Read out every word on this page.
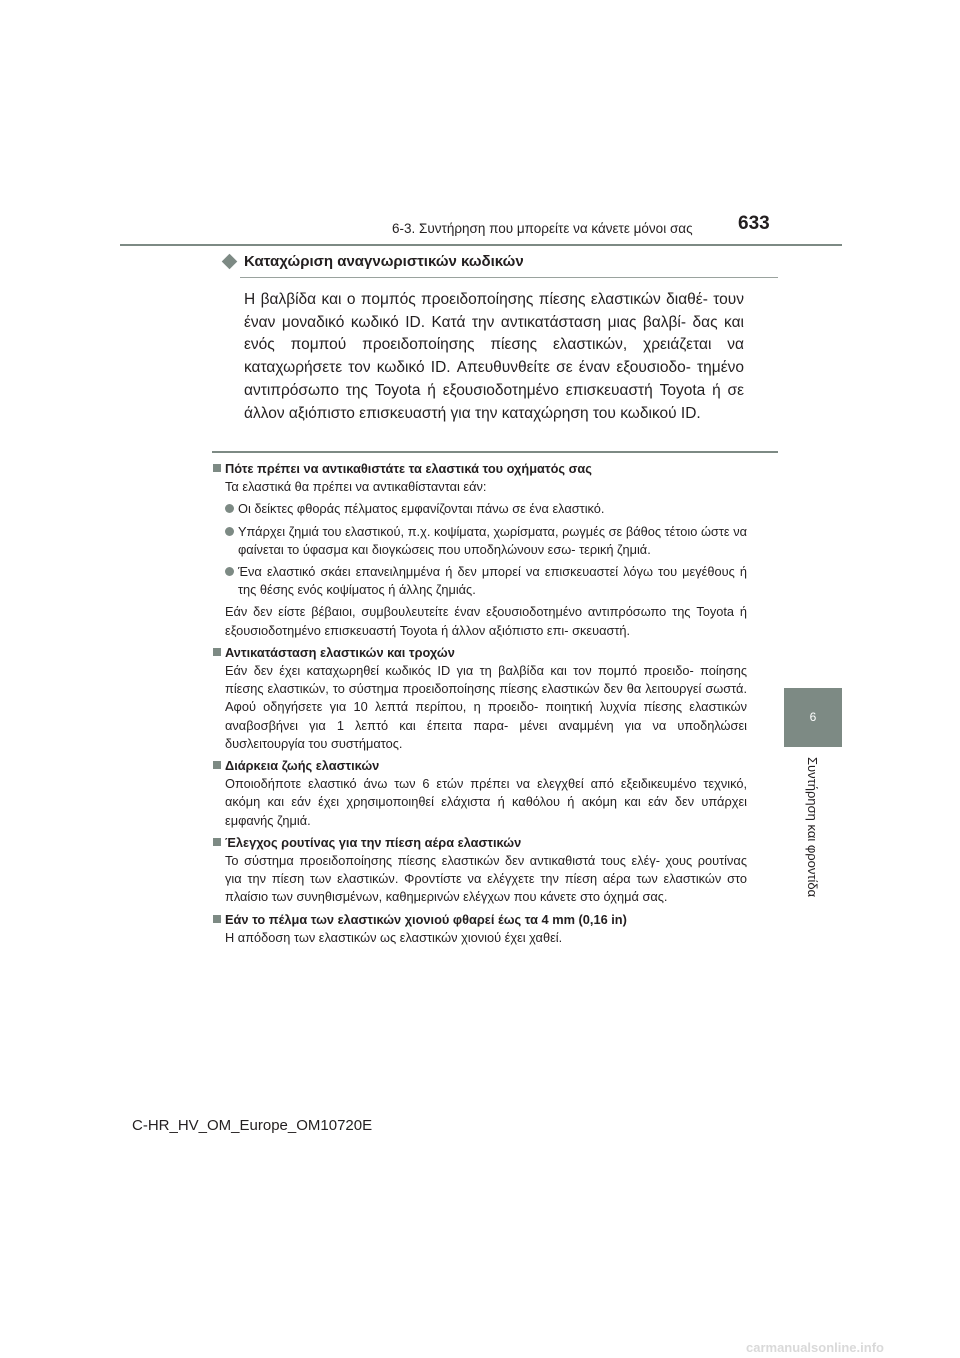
6-3. Συντήρηση που μπορείτε να κάνετε μόνοι σας 633
6
Συντήρηση και φροντίδα
Καταχώριση αναγνωριστικών κωδικών
Η βαλβίδα και ο πομπός προειδοποίησης πίεσης ελαστικών διαθέ- τουν έναν μοναδικό κωδικό ID. Κατά την αντικατάσταση μιας βαλβί- δας και ενός πομπού προειδοποίησης πίεσης ελαστικών, χρειάζεται να καταχωρήσετε τον κωδικό ID. Απευθυνθείτε σε έναν εξουσιοδο- τημένο αντιπρόσωπο της Toyota ή εξουσιοδοτημένο επισκευαστή Toyota ή σε άλλον αξιόπιστο επισκευαστή για την καταχώρηση του κωδικού ID.
Πότε πρέπει να αντικαθιστάτε τα ελαστικά του οχήματός σας
Τα ελαστικά θα πρέπει να αντικαθίστανται εάν:
Οι δείκτες φθοράς πέλματος εμφανίζονται πάνω σε ένα ελαστικό.
Υπάρχει ζημιά του ελαστικού, π.χ. κοψίματα, χωρίσματα, ρωγμές σε βάθος τέτοιο ώστε να φαίνεται το ύφασμα και διογκώσεις που υποδηλώνουν εσω- τερική ζημιά.
Ένα ελαστικό σκάει επανειλημμένα ή δεν μπορεί να επισκευαστεί λόγω του μεγέθους ή της θέσης ενός κοψίματος ή άλλης ζημιάς.
Εάν δεν είστε βέβαιοι, συμβουλευτείτε έναν εξουσιοδοτημένο αντιπρόσωπο της Toyota ή εξουσιοδοτημένο επισκευαστή Toyota ή άλλον αξιόπιστο επι- σκευαστή.
Αντικατάσταση ελαστικών και τροχών
Εάν δεν έχει καταχωρηθεί κωδικός ID για τη βαλβίδα και τον πομπό προειδο- ποίησης πίεσης ελαστικών, το σύστημα προειδοποίησης πίεσης ελαστικών δεν θα λειτουργεί σωστά. Αφού οδηγήσετε για 10 λεπτά περίπου, η προειδο- ποιητική λυχνία πίεσης ελαστικών αναβοσβήνει για 1 λεπτό και έπειτα παρα- μένει αναμμένη για να υποδηλώσει δυσλειτουργία του συστήματος.
Διάρκεια ζωής ελαστικών
Οποιοδήποτε ελαστικό άνω των 6 ετών πρέπει να ελεγχθεί από εξειδικευμένο τεχνικό, ακόμη και εάν έχει χρησιμοποιηθεί ελάχιστα ή καθόλου ή ακόμη και εάν δεν υπάρχει εμφανής ζημιά.
Έλεγχος ρουτίνας για την πίεση αέρα ελαστικών
Το σύστημα προειδοποίησης πίεσης ελαστικών δεν αντικαθιστά τους ελέγ- χους ρουτίνας για την πίεση των ελαστικών. Φροντίστε να ελέγχετε την πίεση αέρα των ελαστικών στο πλαίσιο των συνηθισμένων, καθημερινών ελέγχων που κάνετε στο όχημά σας.
Εάν το πέλμα των ελαστικών χιονιού φθαρεί έως τα 4 mm (0,16 in)
Η απόδοση των ελαστικών ως ελαστικών χιονιού έχει χαθεί.
C-HR_HV_OM_Europe_OM10720E
carmanualsonline.info
